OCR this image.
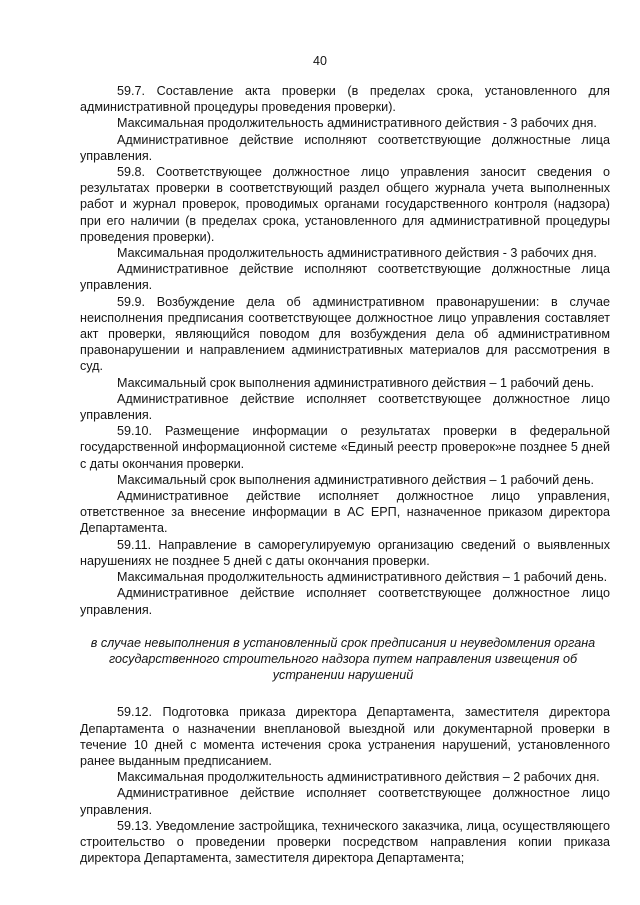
40

59.7. Составление акта проверки (в пределах срока, установленного для административной процедуры проведения проверки).

Максимальная продолжительность административного действия - 3 рабочих дня.

Административное действие исполняют соответствующие должностные лица управления.

59.8. Соответствующее должностное лицо управления заносит сведения о результатах проверки в соответствующий раздел общего журнала учета выполненных работ и журнал проверок, проводимых органами государственного контроля (надзора) при его наличии (в пределах срока, установленного для административной процедуры проведения проверки).

Максимальная продолжительность административного действия - 3 рабочих дня.

Административное действие исполняют соответствующие должностные лица управления.

59.9. Возбуждение дела об административном правонарушении: в случае неисполнения предписания соответствующее должностное лицо управления составляет акт проверки, являющийся поводом для возбуждения дела об административном правонарушении и направлением административных материалов для рассмотрения в суд.

Максимальный срок выполнения административного действия – 1 рабочий день.

Административное действие исполняет соответствующее должностное лицо управления.

59.10. Размещение информации о результатах проверки в федеральной государственной информационной системе «Единый реестр проверок»не позднее 5 дней с даты окончания проверки.

Максимальный срок выполнения административного действия – 1 рабочий день.

Административное действие исполняет должностное лицо управления, ответственное за внесение информации в АС ЕРП, назначенное приказом директора Департамента.

59.11. Направление в саморегулируемую организацию сведений о выявленных нарушениях не позднее 5 дней с даты окончания проверки.

Максимальная продолжительность административного действия – 1 рабочий день.

Административное действие исполняет соответствующее должностное лицо управления.

в случае невыполнения в установленный срок предписания и неуведомления органа государственного строительного надзора путем направления извещения об устранении нарушений

59.12. Подготовка приказа директора Департамента, заместителя директора Департамента о назначении внеплановой выездной или документарной проверки в течение 10 дней с момента истечения срока устранения нарушений, установленного ранее выданным предписанием.

Максимальная продолжительность административного действия – 2 рабочих дня.

Административное действие исполняет соответствующее должностное лицо управления.

59.13. Уведомление застройщика, технического заказчика, лица, осуществляющего строительство о проведении проверки посредством направления копии приказа директора Департамента, заместителя директора Департамента;
